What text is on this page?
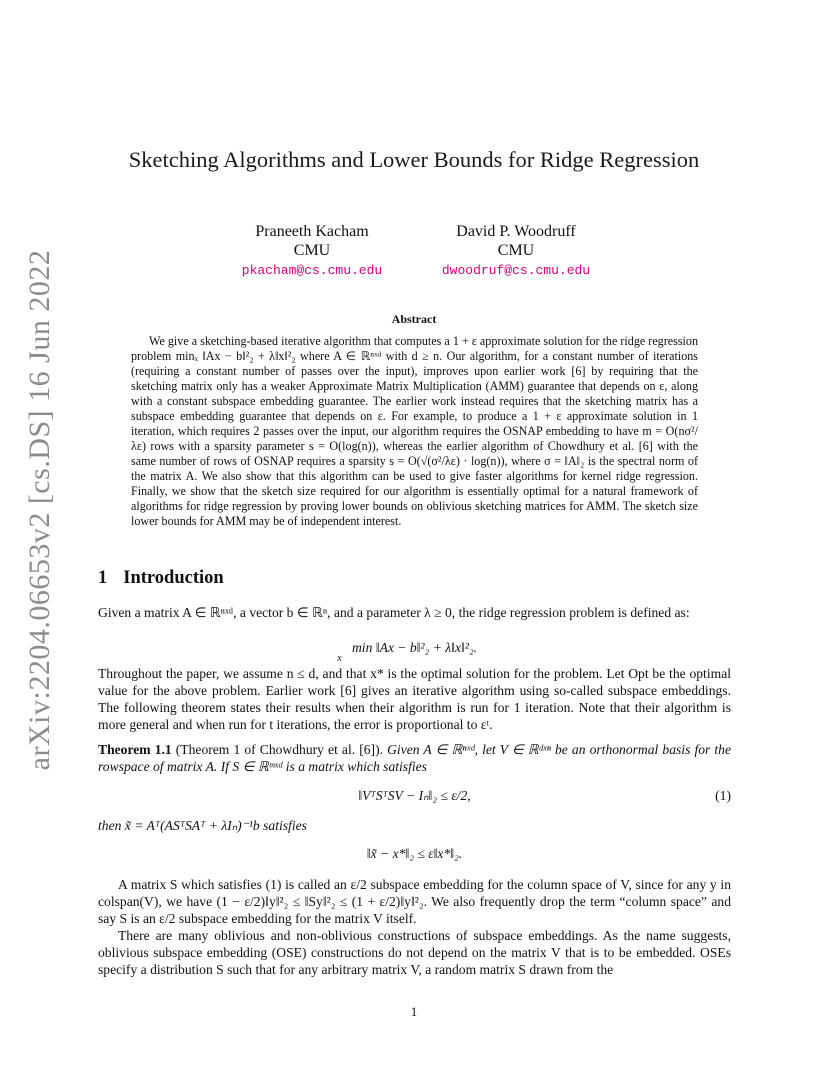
arXiv:2204.06653v2 [cs.DS] 16 Jun 2022
Sketching Algorithms and Lower Bounds for Ridge Regression
Praneeth Kacham
CMU
pkacham@cs.cmu.edu
David P. Woodruff
CMU
dwoodruf@cs.cmu.edu
Abstract

We give a sketching-based iterative algorithm that computes a 1 + ε approximate solution for the ridge regression problem minₓ ‖Ax − b‖²₂ + λ‖x‖²₂ where A ∈ ℝⁿˣᵈ with d ≥ n. Our algorithm, for a constant number of iterations (requiring a constant number of passes over the input), improves upon earlier work [6] by requiring that the sketching matrix only has a weaker Approximate Matrix Multiplication (AMM) guarantee that depends on ε, along with a constant subspace embedding guarantee. The earlier work instead requires that the sketching matrix has a subspace embedding guarantee that depends on ε. For example, to produce a 1 + ε approximate solution in 1 iteration, which requires 2 passes over the input, our algorithm requires the OSNAP embedding to have m = O(nσ²/λε) rows with a sparsity parameter s = O(log(n)), whereas the earlier algorithm of Chowdhury et al. [6] with the same number of rows of OSNAP requires a sparsity s = O(√(σ²/λε) · log(n)), where σ = ‖A‖₂ is the spectral norm of the matrix A. We also show that this algorithm can be used to give faster algorithms for kernel ridge regression. Finally, we show that the sketch size required for our algorithm is essentially optimal for a natural framework of algorithms for ridge regression by proving lower bounds on oblivious sketching matrices for AMM. The sketch size lower bounds for AMM may be of independent interest.

1 Introduction

Given a matrix A ∈ ℝⁿˣᵈ, a vector b ∈ ℝⁿ, and a parameter λ ≥ 0, the ridge regression problem is defined as:

min ‖Ax − b‖²₂ + λ‖x‖²₂.
x

Throughout the paper, we assume n ≤ d, and that x* is the optimal solution for the problem. Let Opt be the optimal value for the above problem. Earlier work [6] gives an iterative algorithm using so-called subspace embeddings. The following theorem states their results when their algorithm is run for 1 iteration. Note that their algorithm is more general and when run for t iterations, the error is proportional to εᵗ.

Theorem 1.1 (Theorem 1 of Chowdhury et al. [6]). Given A ∈ ℝⁿˣᵈ, let V ∈ ℝᵈˣⁿ be an orthonormal basis for the rowspace of matrix A. If S ∈ ℝᵐˣᵈ is a matrix which satisfies

‖VᵀSᵀSV − Iₙ‖₂ ≤ ε/2,	(1)

then x̃ = Aᵀ(ASᵀSAᵀ + λIₙ)⁻¹b satisfies

‖x̃ − x*‖₂ ≤ ε‖x*‖₂.

A matrix S which satisfies (1) is called an ε/2 subspace embedding for the column space of V, since for any y in colspan(V), we have (1 − ε/2)‖y‖²₂ ≤ ‖Sy‖²₂ ≤ (1 + ε/2)‖y‖²₂. We also frequently drop the term “column space” and say S is an ε/2 subspace embedding for the matrix V itself.

There are many oblivious and non-oblivious constructions of subspace embeddings. As the name suggests, oblivious subspace embedding (OSE) constructions do not depend on the matrix V that is to be embedded. OSEs specify a distribution S such that for any arbitrary matrix V, a random matrix S drawn from the

1
